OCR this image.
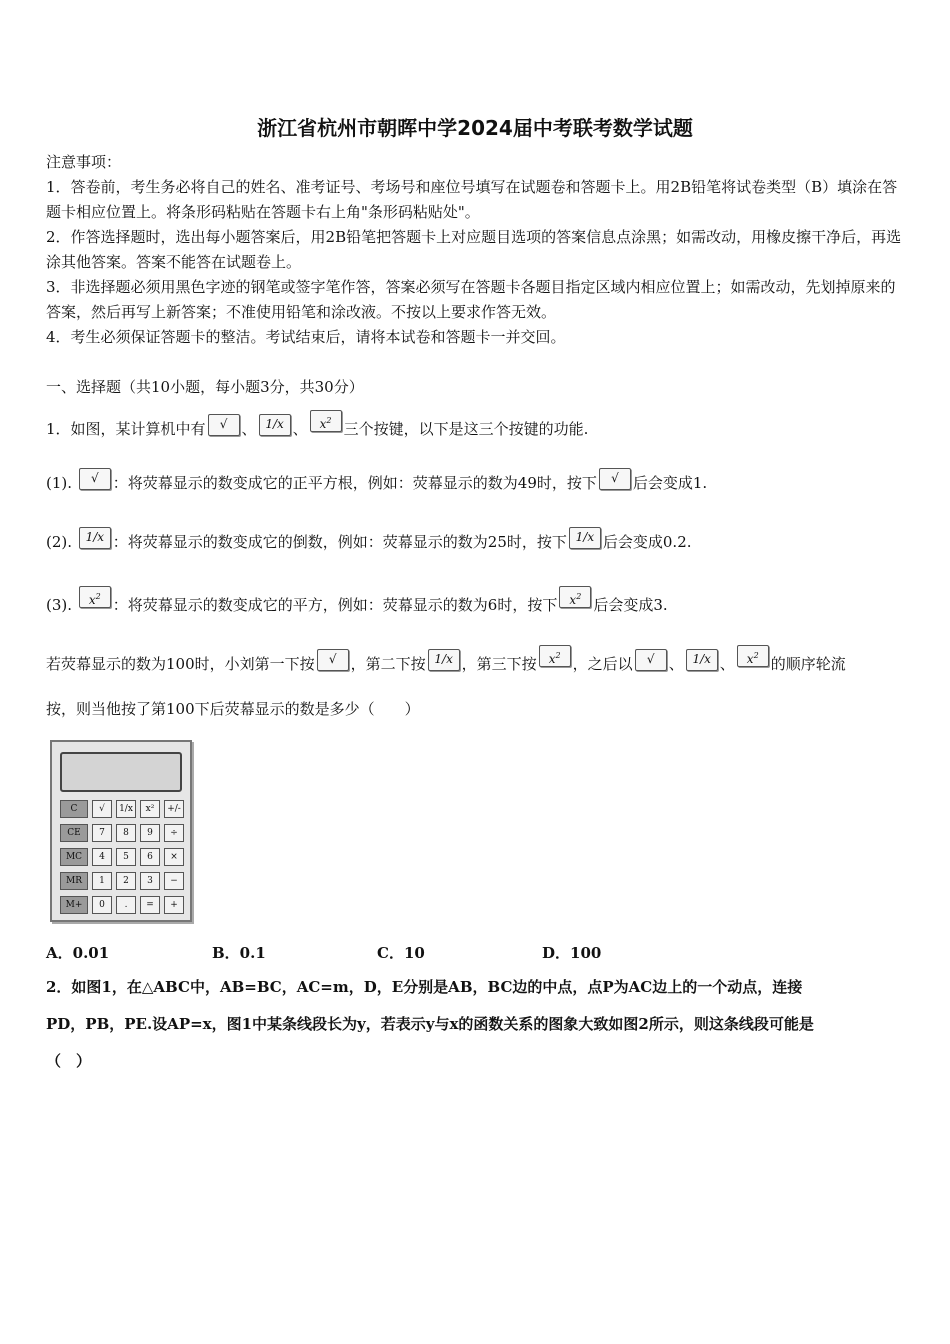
浙江省杭州市朝晖中学2024届中考联考数学试题
注意事项：
1．答卷前，考生务必将自己的姓名、准考证号、考场号和座位号填写在试题卷和答题卡上。用2B铅笔将试卷类型（B）填涂在答题卡相应位置上。将条形码粘贴在答题卡右上角"条形码粘贴处"。
2．作答选择题时，选出每小题答案后，用2B铅笔把答题卡上对应题目选项的答案信息点涂黑；如需改动，用橡皮擦干净后，再选涂其他答案。答案不能答在试题卷上。
3．非选择题必须用黑色字迹的钢笔或签字笔作答，答案必须写在答题卡各题目指定区域内相应位置上；如需改动，先划掉原来的答案，然后再写上新答案；不准使用铅笔和涂改液。不按以上要求作答无效。
4．考生必须保证答题卡的整洁。考试结束后，请将本试卷和答题卡一并交回。
一、选择题（共10小题，每小题3分，共30分）
1．如图，某计算机中有 √ 、 1/x 、 $x^2$ 三个按键，以下是这三个按键的功能.
(1). √ ：将荧幕显示的数变成它的正平方根，例如：荧幕显示的数为49时，按下 √ 后会变成1.
(2). 1/x ：将荧幕显示的数变成它的倒数，例如：荧幕显示的数为25时，按下 1/x 后会变成0.2.
(3). $x^2$ ：将荧幕显示的数变成它的平方，例如：荧幕显示的数为6时，按下 $x^2$ 后会变成3.
若荧幕显示的数为100时，小刘第一下按 √ ，第二下按 1/x ，第三下按 $x^2$ ，之后以 √ 、 1/x 、 $x^2$ 的顺序轮流
按，则当他按了第100下后荧幕显示的数是多少（　　）
C	√	1/x	x²	+/-
CE	7	8	9	÷
MC	4	5	6	×
MR	1	2	3	−
M+	0	.	=	+
A．0.01	B．0.1	C．10	D．100
2．如图1，在△ABC中，AB=BC，AC=m，D，E分别是AB，BC边的中点，点P为AC边上的一个动点，连接
PD，PB，PE.设AP=x，图1中某条线段长为y，若表示y与x的函数关系的图象大致如图2所示，则这条线段可能是
（　）
